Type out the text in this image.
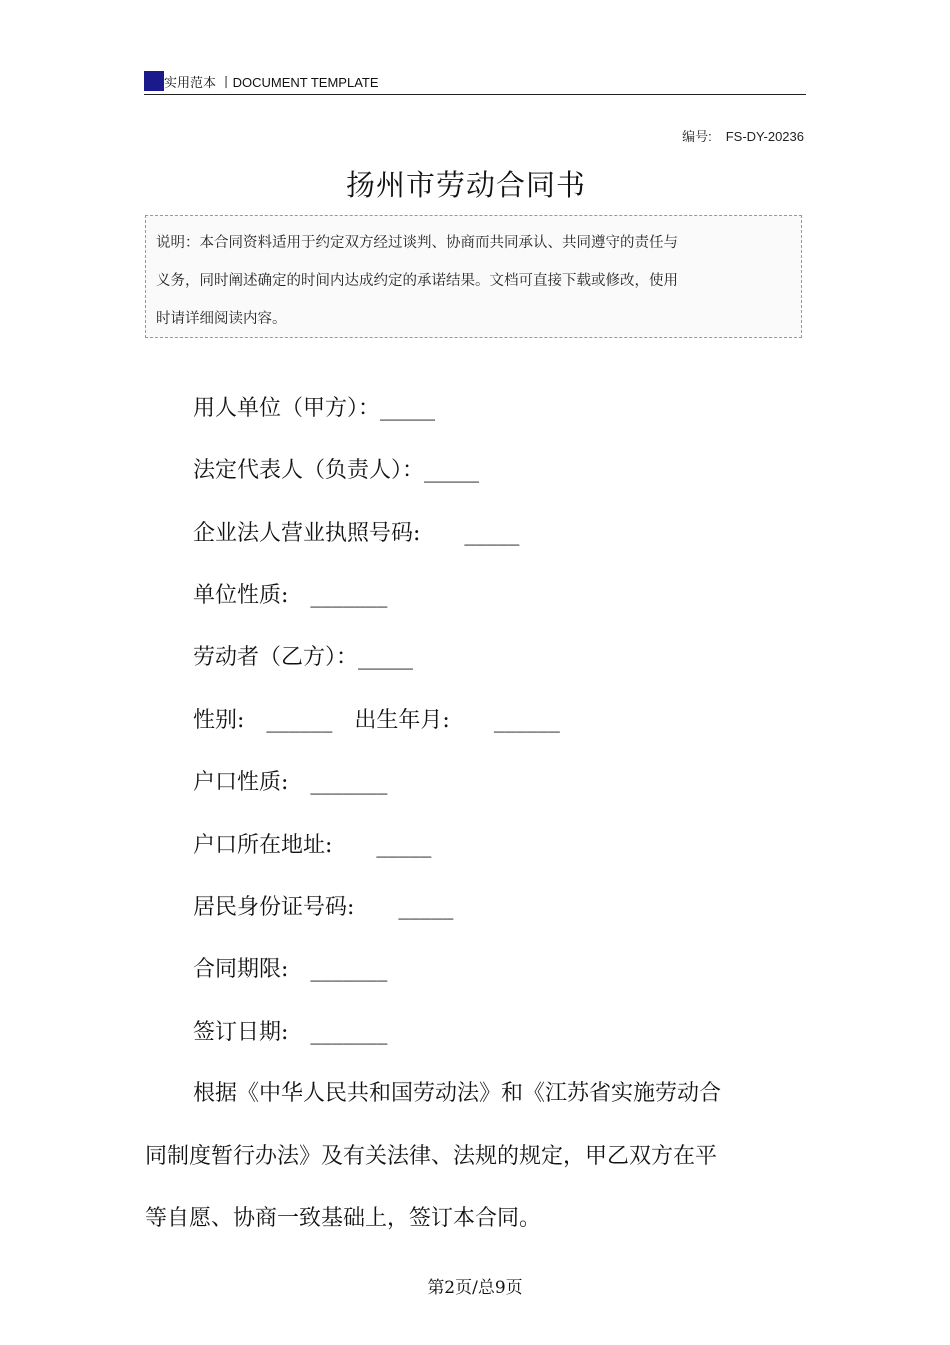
实用范本 丨DOCUMENT TEMPLATE
编号: FS-DY-20236
扬州市劳动合同书

说明：本合同资料适用于约定双方经过谈判、协商而共同承认、共同遵守的责任与

义务，同时阐述确定的时间内达成约定的承诺结果。文档可直接下载或修改，使用

时请详细阅读内容。

用人单位（甲方）：_____
法定代表人（负责人）：_____
企业法人营业执照号码:　　_____
单位性质:　_______
劳动者（乙方）：_____
性别:　______　出生年月:　　______
户口性质:　_______
户口所在地址:　　_____
居民身份证号码:　　_____
合同期限:　_______
签订日期:　_______
根据《中华人民共和国劳动法》和《江苏省实施劳动合
同制度暂行办法》及有关法律、法规的规定，甲乙双方在平
等自愿、协商一致基础上，签订本合同。
第2页/总9页
